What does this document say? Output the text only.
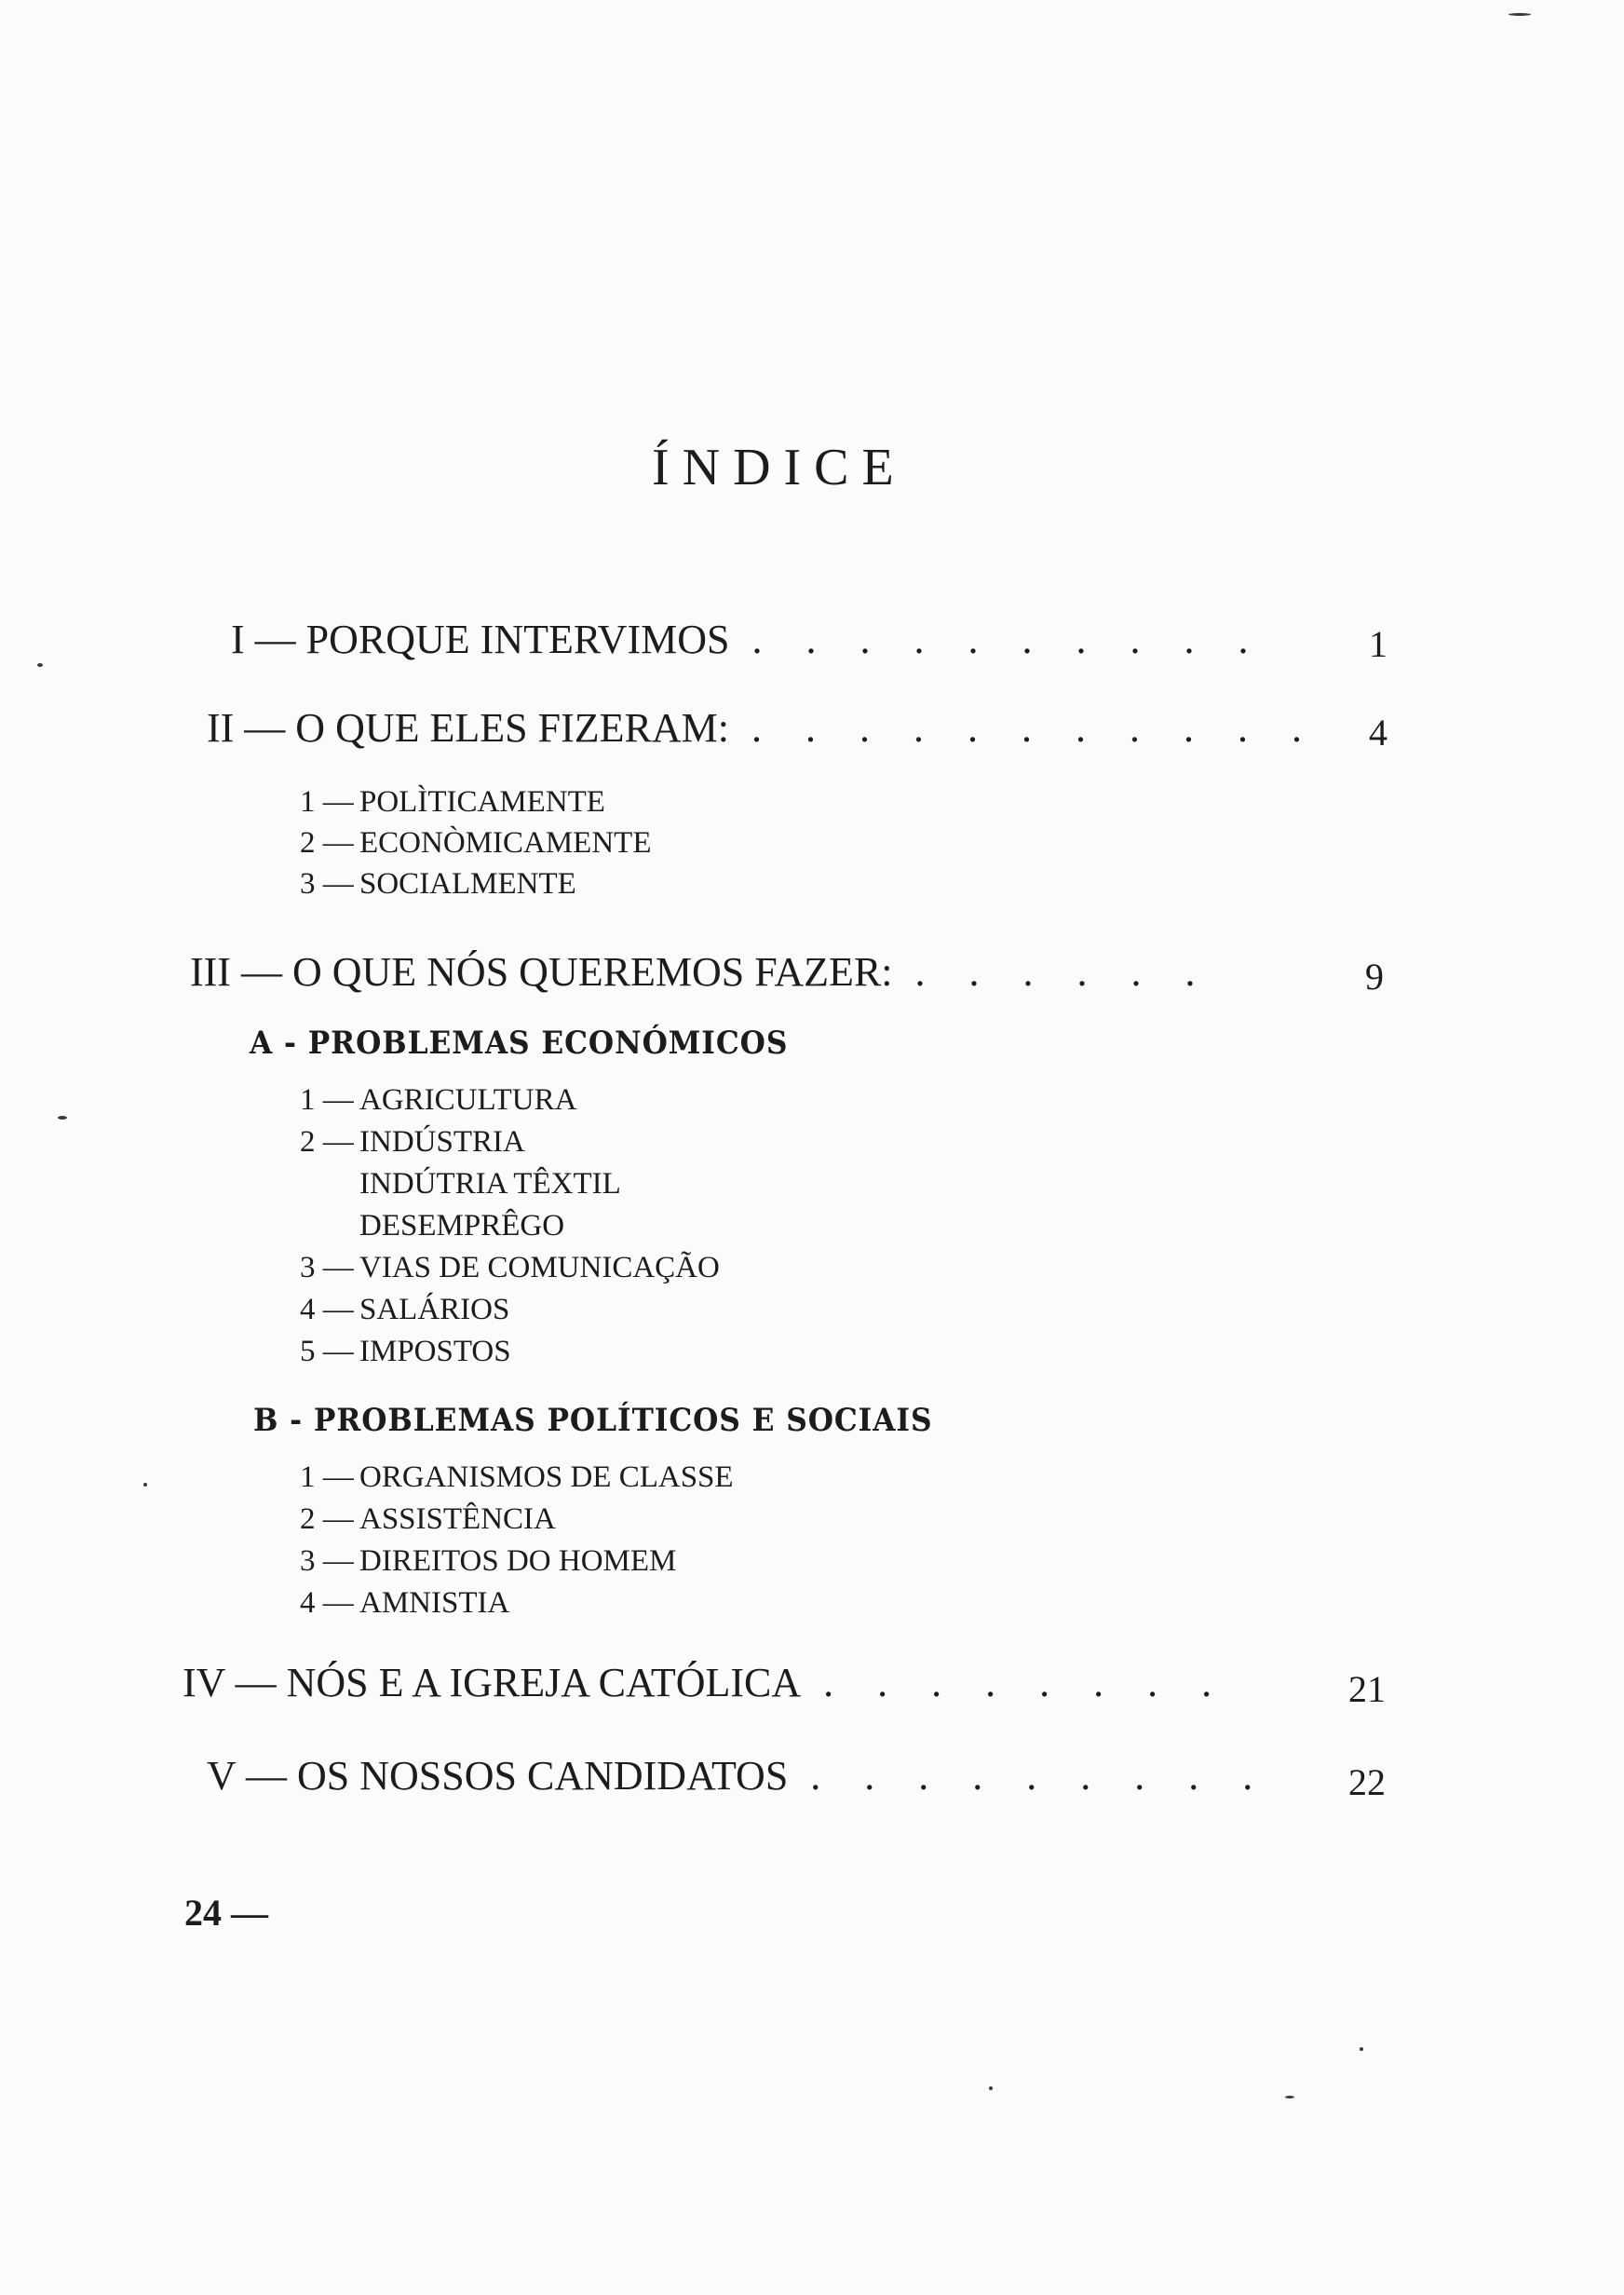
ÍNDICE
I — PORQUE INTERVIMOS . . . . . . . . . .	1
II — O QUE ELES FIZERAM: . . . . . . . . . . . 4
1 — POLÌTICAMENTE
2 — ECONÒMICAMENTE
3 — SOCIALMENTE
III — O QUE NÓS QUEREMOS FAZER: . . . . . .	9
A - PROBLEMAS ECONÓMICOS
1 — AGRICULTURA
2 — INDÚSTRIA
INDÚTRIA TÊXTIL
DESEMPRÊGO
3 — VIAS DE COMUNICAÇÃO
4 — SALÁRIOS
5 — IMPOSTOS
B - PROBLEMAS POLÍTICOS E SOCIAIS
1 — ORGANISMOS DE CLASSE
2 — ASSISTÊNCIA
3 — DIREITOS DO HOMEM
4 — AMNISTIA
IV — NÓS E A IGREJA CATÓLICA . . . . . . . .	21
V — OS NOSSOS CANDIDATOS . . . . . . . . . 22
24 —
